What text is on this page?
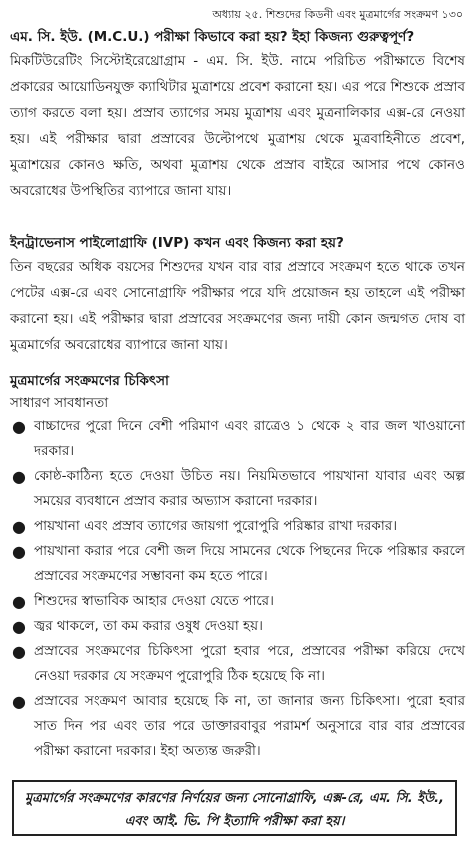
অধ্যায় ২৫. শিশুদের কিডনী এবং মুত্রমার্গের সংক্রমণ ১৩০

এম. সি. ইউ. (M.C.U.) পরীক্ষা কিভাবে করা হয়? ইহা কিজন্য গুরুত্বপূর্ণ?

মিকটিউরেটিং সিস্টোইরেথ্রোগ্রাম - এম. সি. ইউ. নামে পরিচিত পরীক্ষাতে বিশেষ প্রকারের আয়োডিনযুক্ত ক্যাথিটার মুত্রাশয়ে প্রবেশ করানো হয়। এর পরে শিশুকে প্রস্রাব ত্যাগ করতে বলা হয়। প্রস্রাব ত্যাগের সময় মুত্রাশয় এবং মুত্রনালিকার এক্স-রে নেওয়া হয়। এই পরীক্ষার দ্বারা প্রস্রাবের উল্টোপথে মুত্রাশয় থেকে মুত্রবাহিনীতে প্রবেশ, মুত্রাশয়ের কোনও ক্ষতি, অথবা মুত্রাশয় থেকে প্রস্রাব বাইরে আসার পথে কোনও অবরোধের উপস্থিতির ব্যাপারে জানা যায়।

ইনট্রাভেনাস পাইলোগ্রাফি (IVP) কখন এবং কিজন্য করা হয়?

তিন বছরের অধিক বয়সের শিশুদের যখন বার বার প্রস্রাবে সংক্রমণ হতে থাকে তখন পেটের এক্স-রে এবং সোনোগ্রাফি পরীক্ষার পরে যদি প্রয়োজন হয় তাহলে এই পরীক্ষা করানো হয়। এই পরীক্ষার দ্বারা প্রস্রাবের সংক্রমণের জন্য দায়ী কোন জন্মগত দোষ বা মুত্রমার্গের অবরোধের ব্যাপারে জানা যায়।

মুত্রমার্গের সংক্রমণের চিকিৎসা

সাধারণ সাবধানতা

● বাচ্চাদের পুরো দিনে বেশী পরিমাণ এবং রাত্রেও ১ থেকে ২ বার জল খাওয়ানো দরকার।
● কোষ্ঠ-কাঠিন্য হতে দেওয়া উচিত নয়। নিয়মিতভাবে পায়খানা যাবার এবং অল্প সময়ের ব্যবধানে প্রস্রাব করার অভ্যাস করানো দরকার।
● পায়খানা এবং প্রস্রাব ত্যাগের জায়গা পুরোপুরি পরিষ্কার রাখা দরকার।
● পায়খানা করার পরে বেশী জল দিয়ে সামনের থেকে পিছনের দিকে পরিষ্কার করলে প্রস্রাবের সংক্রমণের সম্ভাবনা কম হতে পারে।
● শিশুদের স্বাভাবিক আহার দেওয়া যেতে পারে।
● জ্বর থাকলে, তা কম করার ওষুধ দেওয়া হয়।
● প্রস্রাবের সংক্রমণের চিকিৎসা পুরো হবার পরে, প্রস্রাবের পরীক্ষা করিয়ে দেখে নেওয়া দরকার যে সংক্রমণ পুরোপুরি ঠিক হয়েছে কি না।
● প্রস্রাবের সংক্রমণ আবার হয়েছে কি না, তা জানার জন্য চিকিৎসা। পুরো হবার সাত দিন পর এবং তার পরে ডাক্তারবাবুর পরামর্শ অনুসারে বার বার প্রস্রাবের পরীক্ষা করানো দরকার। ইহা অত্যন্ত জরুরী।
মুত্রমার্গের সংক্রমণের কারণের নির্ণয়ের জন্য সোনোগ্রাফি, এক্স-রে, এম. সি. ইউ., এবং আই. ভি. পি ইত্যাদি পরীক্ষা করা হয়।
